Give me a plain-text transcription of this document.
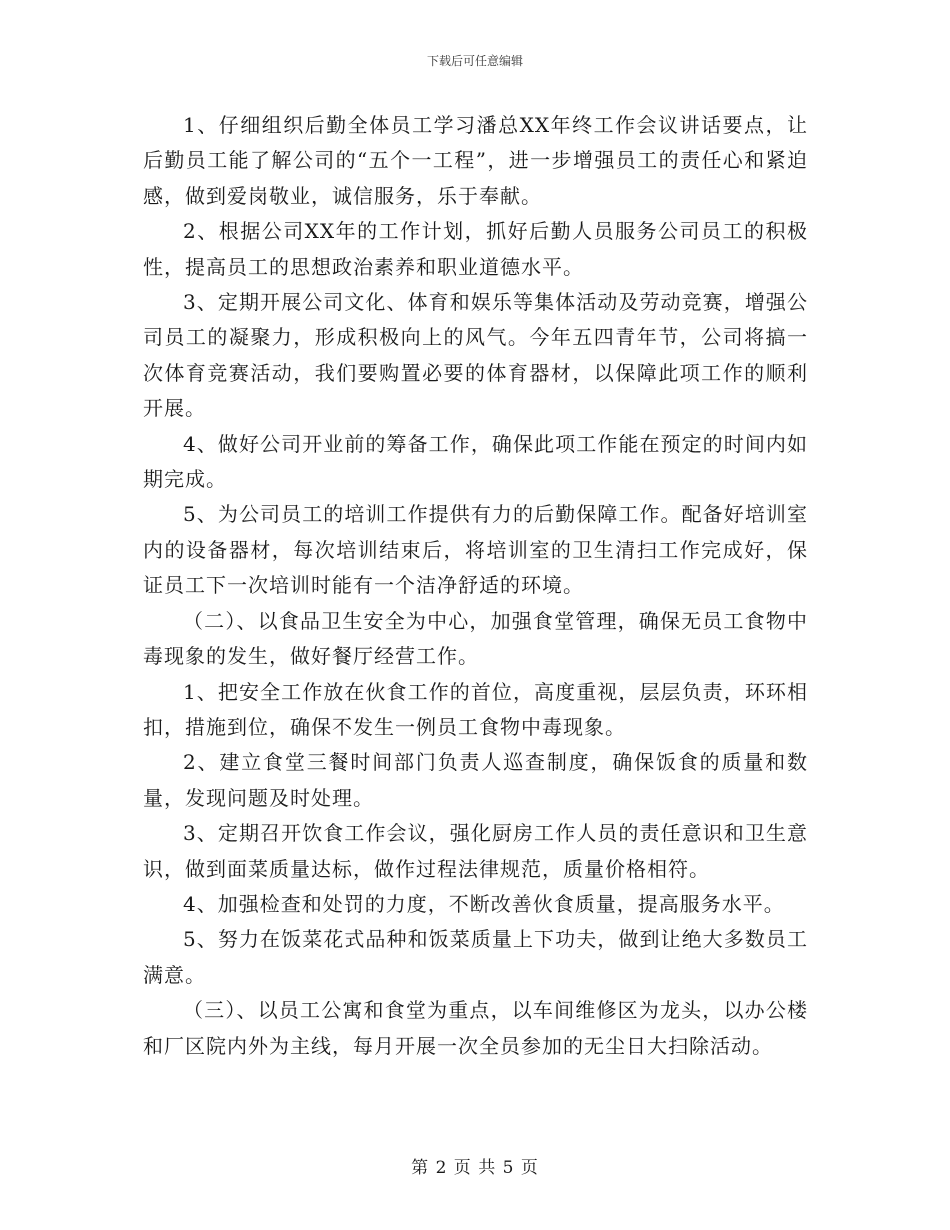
下载后可任意编辑

1、仔细组织后勤全体员工学习潘总XX年终工作会议讲话要点，让后勤员工能了解公司的“五个一工程”，进一步增强员工的责任心和紧迫感，做到爱岗敬业，诚信服务，乐于奉献。

2、根据公司XX年的工作计划，抓好后勤人员服务公司员工的积极性，提高员工的思想政治素养和职业道德水平。

3、定期开展公司文化、体育和娱乐等集体活动及劳动竞赛，增强公司员工的凝聚力，形成积极向上的风气。今年五四青年节，公司将搞一次体育竞赛活动，我们要购置必要的体育器材，以保障此项工作的顺利开展。

4、做好公司开业前的筹备工作，确保此项工作能在预定的时间内如期完成。

5、为公司员工的培训工作提供有力的后勤保障工作。配备好培训室内的设备器材，每次培训结束后，将培训室的卫生清扫工作完成好，保证员工下一次培训时能有一个洁净舒适的环境。

（二）、以食品卫生安全为中心，加强食堂管理，确保无员工食物中毒现象的发生，做好餐厅经营工作。

1、把安全工作放在伙食工作的首位，高度重视，层层负责，环环相扣，措施到位，确保不发生一例员工食物中毒现象。

2、建立食堂三餐时间部门负责人巡查制度，确保饭食的质量和数量，发现问题及时处理。

3、定期召开饮食工作会议，强化厨房工作人员的责任意识和卫生意识，做到面菜质量达标，做作过程法律规范，质量价格相符。

4、加强检查和处罚的力度，不断改善伙食质量，提高服务水平。

5、努力在饭菜花式品种和饭菜质量上下功夫，做到让绝大多数员工满意。

（三）、以员工公寓和食堂为重点，以车间维修区为龙头，以办公楼和厂区院内外为主线，每月开展一次全员参加的无尘日大扫除活动。

第 2 页 共 5 页
